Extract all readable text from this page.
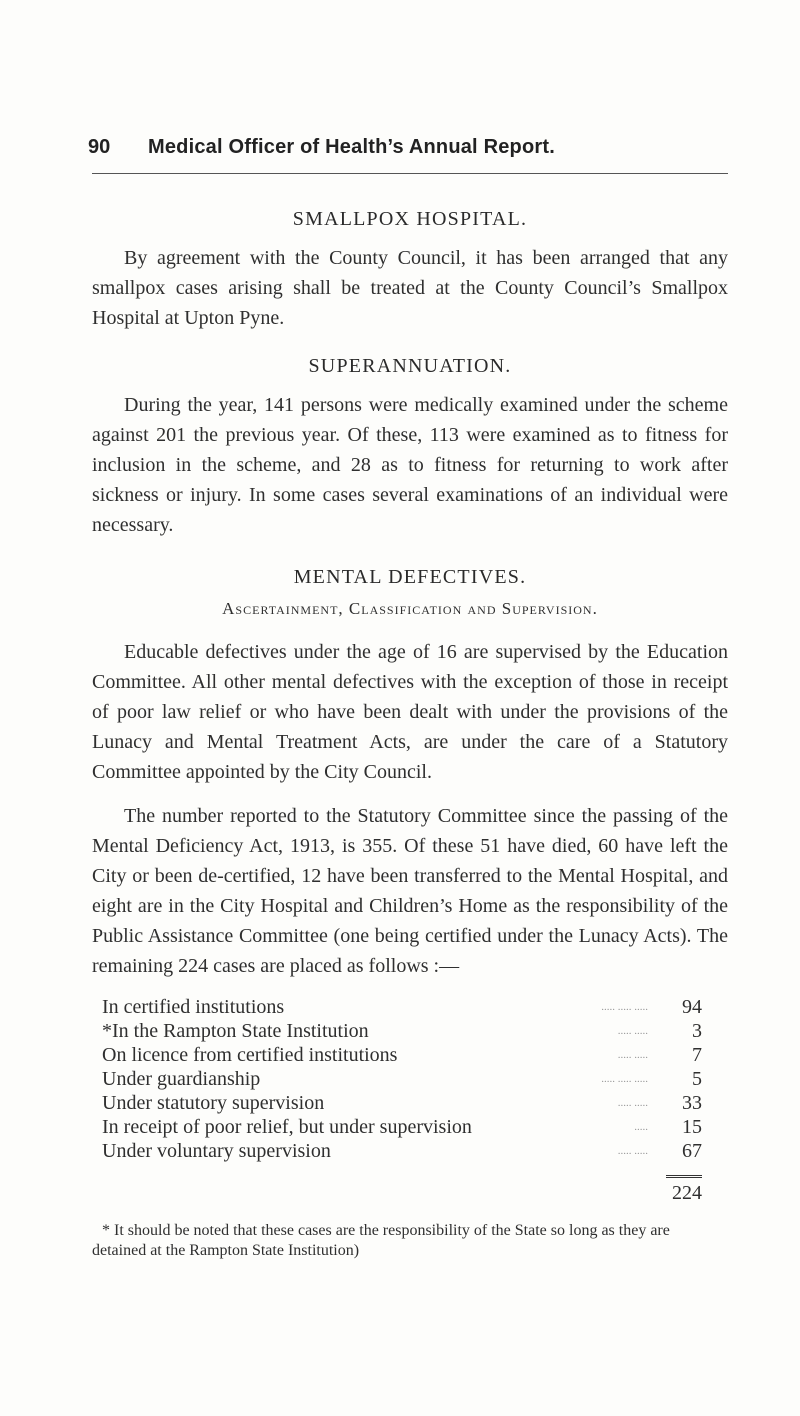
90 Medical Officer of Health’s Annual Report.
SMALLPOX HOSPITAL.

By agreement with the County Council, it has been arranged that any smallpox cases arising shall be treated at the County Council’s Smallpox Hospital at Upton Pyne.

SUPERANNUATION.

During the year, 141 persons were medically examined under the scheme against 201 the previous year. Of these, 113 were examined as to fitness for inclusion in the scheme, and 28 as to fitness for returning to work after sickness or injury. In some cases several examinations of an individual were necessary.

MENTAL DEFECTIVES.

Ascertainment, Classification and Supervision.

Educable defectives under the age of 16 are supervised by the Education Committee. All other mental defectives with the exception of those in receipt of poor law relief or who have been dealt with under the provisions of the Lunacy and Mental Treatment Acts, are under the care of a Statutory Committee appointed by the City Council.

The number reported to the Statutory Committee since the passing of the Mental Deficiency Act, 1913, is 355. Of these 51 have died, 60 have left the City or been de-certified, 12 have been transferred to the Mental Hospital, and eight are in the City Hospital and Children’s Home as the responsibility of the Public Assistance Committee (one being certified under the Lunacy Acts). The remaining 224 cases are placed as follows :—

In certified institutions	..... ..... .....	94
*In the Rampton State Institution	..... .....	3
On licence from certified institutions	..... .....	7
Under guardianship	..... ..... .....	5
Under statutory supervision	..... .....	33
In receipt of poor relief, but under supervision	.....	15
Under voluntary supervision	..... .....	67
224

* It should be noted that these cases are the responsibility of the State so long as they are detained at the Rampton State Institution)
